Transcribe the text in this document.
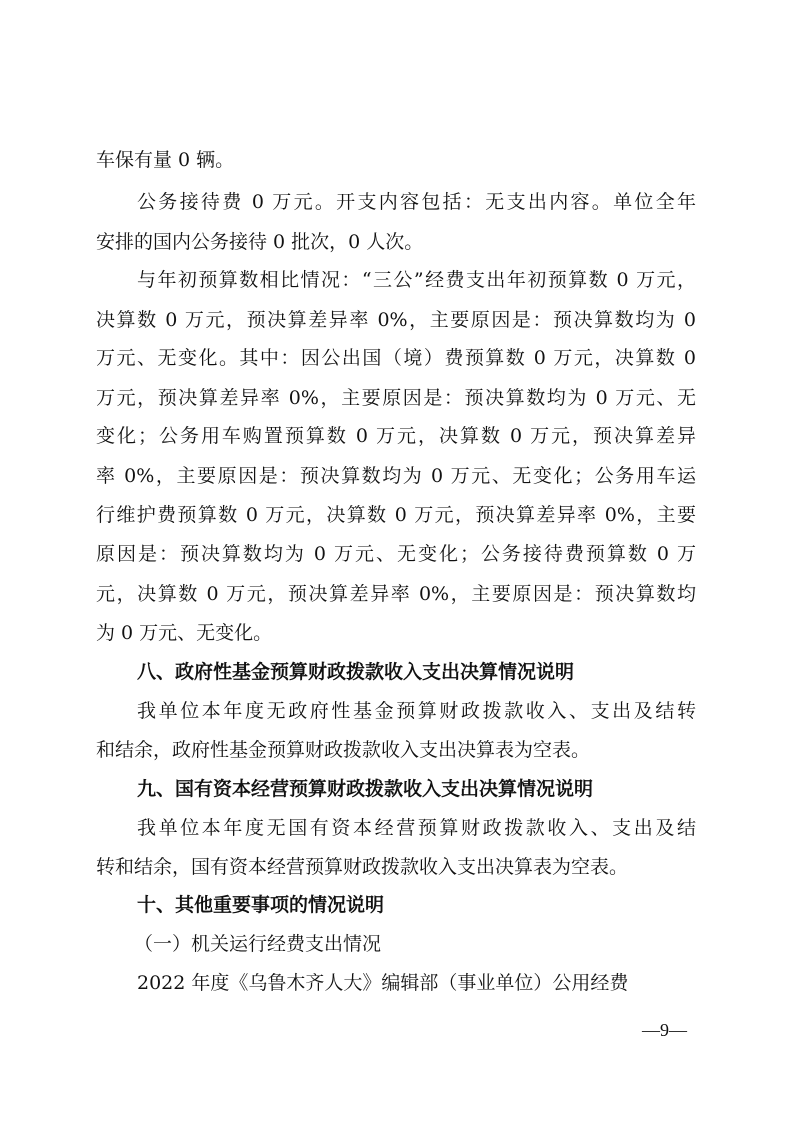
车保有量 0 辆。
公务接待费 0 万元。开支内容包括：无支出内容。单位全年
安排的国内公务接待 0 批次，0 人次。
与年初预算数相比情况：“三公”经费支出年初预算数 0 万元，
决算数 0 万元，预决算差异率 0%，主要原因是：预决算数均为 0
万元、无变化。其中：因公出国（境）费预算数 0 万元，决算数 0
万元，预决算差异率 0%，主要原因是：预决算数均为 0 万元、无
变化；公务用车购置预算数 0 万元，决算数 0 万元，预决算差异
率 0%，主要原因是：预决算数均为 0 万元、无变化；公务用车运
行维护费预算数 0 万元，决算数 0 万元，预决算差异率 0%，主要
原因是：预决算数均为 0 万元、无变化；公务接待费预算数 0 万
元，决算数 0 万元，预决算差异率 0%，主要原因是：预决算数均
为 0 万元、无变化。
八、政府性基金预算财政拨款收入支出决算情况说明
我单位本年度无政府性基金预算财政拨款收入、支出及结转
和结余，政府性基金预算财政拨款收入支出决算表为空表。
九、国有资本经营预算财政拨款收入支出决算情况说明
我单位本年度无国有资本经营预算财政拨款收入、支出及结
转和结余，国有资本经营预算财政拨款收入支出决算表为空表。
十、其他重要事项的情况说明
（一）机关运行经费支出情况
2022 年度《乌鲁木齐人大》编辑部（事业单位）公用经费
—9—
